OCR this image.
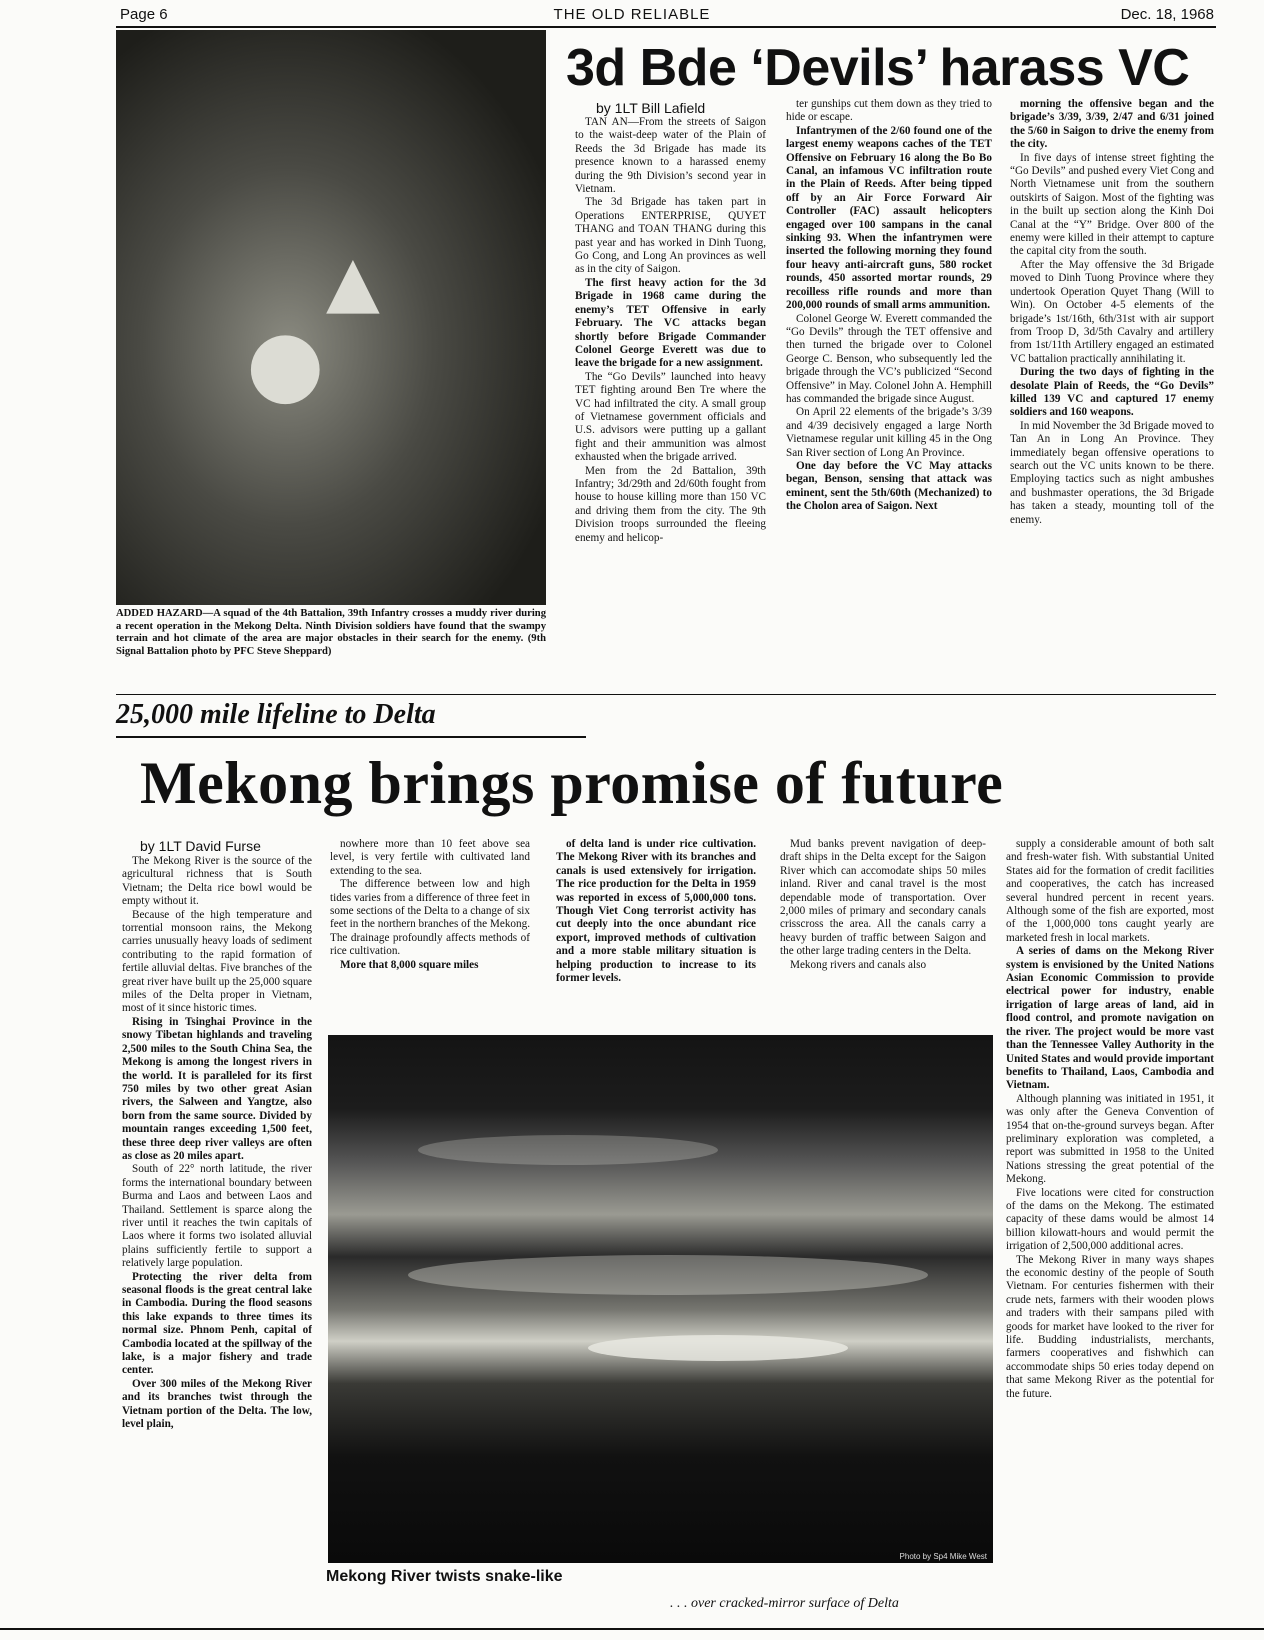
Page 6	THE OLD RELIABLE	Dec. 18, 1968
●
▲
ADDED HAZARD—A squad of the 4th Battalion, 39th Infantry crosses a muddy river during a recent operation in the Mekong Delta. Ninth Division soldiers have found that the swampy terrain and hot climate of the area are major obstacles in their search for the enemy. (9th Signal Battalion photo by PFC Steve Sheppard)
3d Bde ‘Devils’ harass VC
by 1LT Bill Lafield

TAN AN—From the streets of Saigon to the waist-deep water of the Plain of Reeds the 3d Brigade has made its presence known to a harassed enemy during the 9th Division’s second year in Vietnam.

The 3d Brigade has taken part in Operations ENTERPRISE, QUYET THANG and TOAN THANG during this past year and has worked in Dinh Tuong, Go Cong, and Long An provinces as well as in the city of Saigon.

The first heavy action for the 3d Brigade in 1968 came during the enemy’s TET Offensive in early February. The VC attacks began shortly before Brigade Commander Colonel George Everett was due to leave the brigade for a new assignment.

The “Go Devils” launched into heavy TET fighting around Ben Tre where the VC had infiltrated the city. A small group of Vietnamese government officials and U.S. advisors were putting up a gallant fight and their ammunition was almost exhausted when the brigade arrived.

Men from the 2d Battalion, 39th Infantry; 3d/29th and 2d/60th fought from house to house killing more than 150 VC and driving them from the city. The 9th Division troops surrounded the fleeing enemy and helicop-

ter gunships cut them down as they tried to hide or escape.

Infantrymen of the 2/60 found one of the largest enemy weapons caches of the TET Offensive on February 16 along the Bo Bo Canal, an infamous VC infiltration route in the Plain of Reeds. After being tipped off by an Air Force Forward Air Controller (FAC) assault helicopters engaged over 100 sampans in the canal sinking 93. When the infantrymen were inserted the following morning they found four heavy anti-aircraft guns, 580 rocket rounds, 450 assorted mortar rounds, 29 recoilless rifle rounds and more than 200,000 rounds of small arms ammunition.

Colonel George W. Everett commanded the “Go Devils” through the TET offensive and then turned the brigade over to Colonel George C. Benson, who subsequently led the brigade through the VC’s publicized “Second Offensive” in May. Colonel John A. Hemphill has commanded the brigade since August.

On April 22 elements of the brigade’s 3/39 and 4/39 decisively engaged a large North Vietnamese regular unit killing 45 in the Ong San River section of Long An Province.

One day before the VC May attacks began, Benson, sensing that attack was eminent, sent the 5th/60th (Mechanized) to the Cholon area of Saigon. Next

morning the offensive began and the brigade’s 3/39, 3/39, 2/47 and 6/31 joined the 5/60 in Saigon to drive the enemy from the city.

In five days of intense street fighting the “Go Devils” and pushed every Viet Cong and North Vietnamese unit from the southern outskirts of Saigon. Most of the fighting was in the built up section along the Kinh Doi Canal at the “Y” Bridge. Over 800 of the enemy were killed in their attempt to capture the capital city from the south.

After the May offensive the 3d Brigade moved to Dinh Tuong Province where they undertook Operation Quyet Thang (Will to Win). On October 4-5 elements of the brigade’s 1st/16th, 6th/31st with air support from Troop D, 3d/5th Cavalry and artillery from 1st/11th Artillery engaged an estimated VC battalion practically annihilating it.

During the two days of fighting in the desolate Plain of Reeds, the “Go Devils” killed 139 VC and captured 17 enemy soldiers and 160 weapons.

In mid November the 3d Brigade moved to Tan An in Long An Province. They immediately began offensive operations to search out the VC units known to be there. Employing tactics such as night ambushes and bushmaster operations, the 3d Brigade has taken a steady, mounting toll of the enemy.

25,000 mile lifeline to Delta
Mekong brings promise of future
by 1LT David Furse

The Mekong River is the source of the agricultural richness that is South Vietnam; the Delta rice bowl would be empty without it.

Because of the high temperature and torrential monsoon rains, the Mekong carries unusually heavy loads of sediment contributing to the rapid formation of fertile alluvial deltas. Five branches of the great river have built up the 25,000 square miles of the Delta proper in Vietnam, most of it since historic times.

Rising in Tsinghai Province in the snowy Tibetan highlands and traveling 2,500 miles to the South China Sea, the Mekong is among the longest rivers in the world. It is paralleled for its first 750 miles by two other great Asian rivers, the Salween and Yangtze, also born from the same source. Divided by mountain ranges exceeding 1,500 feet, these three deep river valleys are often as close as 20 miles apart.

South of 22° north latitude, the river forms the international boundary between Burma and Laos and between Laos and Thailand. Settlement is sparce along the river until it reaches the twin capitals of Laos where it forms two isolated alluvial plains sufficiently fertile to support a relatively large population.

Protecting the river delta from seasonal floods is the great central lake in Cambodia. During the flood seasons this lake expands to three times its normal size. Phnom Penh, capital of Cambodia located at the spillway of the lake, is a major fishery and trade center.

Over 300 miles of the Mekong River and its branches twist through the Vietnam portion of the Delta. The low, level plain,

nowhere more than 10 feet above sea level, is very fertile with cultivated land extending to the sea.

The difference between low and high tides varies from a difference of three feet in some sections of the Delta to a change of six feet in the northern branches of the Mekong. The drainage profoundly affects methods of rice cultivation.

More that 8,000 square miles

of delta land is under rice cultivation. The Mekong River with its branches and canals is used extensively for irrigation. The rice production for the Delta in 1959 was reported in excess of 5,000,000 tons. Though Viet Cong terrorist activity has cut deeply into the once abundant rice export, improved methods of cultivation and a more stable military situation is helping production to increase to its former levels.

Mud banks prevent navigation of deep-draft ships in the Delta except for the Saigon River which can accomodate ships 50 miles inland. River and canal travel is the most dependable mode of transportation. Over 2,000 miles of primary and secondary canals crisscross the area. All the canals carry a heavy burden of traffic between Saigon and the other large trading centers in the Delta.

Mekong rivers and canals also

supply a considerable amount of both salt and fresh-water fish. With substantial United States aid for the formation of credit facilities and cooperatives, the catch has increased several hundred percent in recent years. Although some of the fish are exported, most of the 1,000,000 tons caught yearly are marketed fresh in local markets.

A series of dams on the Mekong River system is envisioned by the United Nations Asian Economic Commission to provide electrical power for industry, enable irrigation of large areas of land, aid in flood control, and promote navigation on the river. The project would be more vast than the Tennessee Valley Authority in the United States and would provide important benefits to Thailand, Laos, Cambodia and Vietnam.

Although planning was initiated in 1951, it was only after the Geneva Convention of 1954 that on-the-ground surveys began. After preliminary exploration was completed, a report was submitted in 1958 to the United Nations stressing the great potential of the Mekong.

Five locations were cited for construction of the dams on the Mekong. The estimated capacity of these dams would be almost 14 billion kilowatt-hours and would permit the irrigation of 2,500,000 additional acres.

The Mekong River in many ways shapes the economic destiny of the people of South Vietnam. For centuries fishermen with their crude nets, farmers with their wooden plows and traders with their sampans piled with goods for market have looked to the river for life. Budding industrialists, merchants, farmers cooperatives and fishwhich can accommodate ships 50 eries today depend on that same Mekong River as the potential for the future.

Photo by Sp4 Mike West
Mekong River twists snake-like
. . . over cracked-mirror surface of Delta
